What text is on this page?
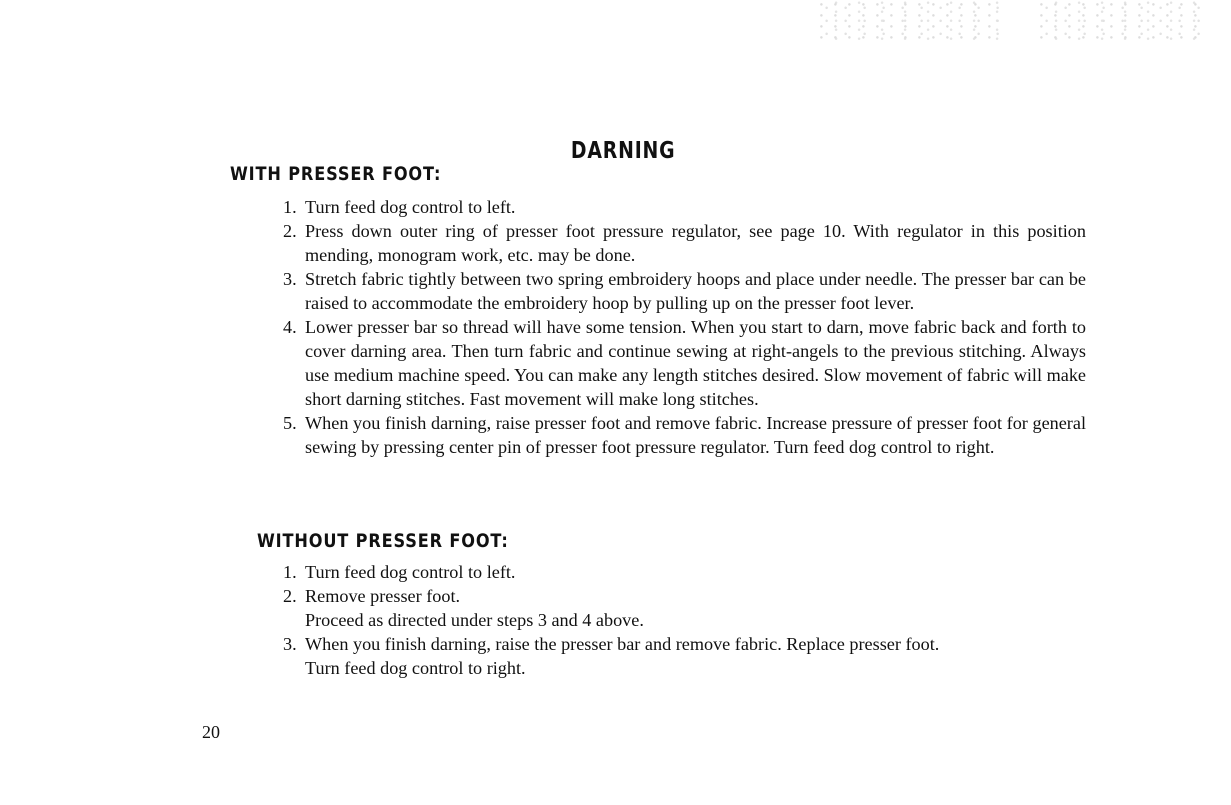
DARNING
WITH PRESSER FOOT:
1. Turn feed dog control to left.
2. Press down outer ring of presser foot pressure regulator, see page 10. With regulator in this position mending, monogram work, etc. may be done.
3. Stretch fabric tightly between two spring embroidery hoops and place under needle. The presser bar can be raised to accommodate the embroidery hoop by pulling up on the presser foot lever.
4. Lower presser bar so thread will have some tension. When you start to darn, move fabric back and forth to cover darning area. Then turn fabric and continue sewing at right-angels to the previous stitching. Always use medium machine speed. You can make any length stitches desired. Slow movement of fabric will make short darning stitches. Fast movement will make long stitches.
5. When you finish darning, raise presser foot and remove fabric. Increase pressure of presser foot for general sewing by pressing center pin of presser foot pressure regulator. Turn feed dog control to right.
WITHOUT PRESSER FOOT:
1. Turn feed dog control to left.
2. Remove presser foot.
Proceed as directed under steps 3 and 4 above.
3. When you finish darning, raise the presser bar and remove fabric. Replace presser foot.
Turn feed dog control to right.
20
